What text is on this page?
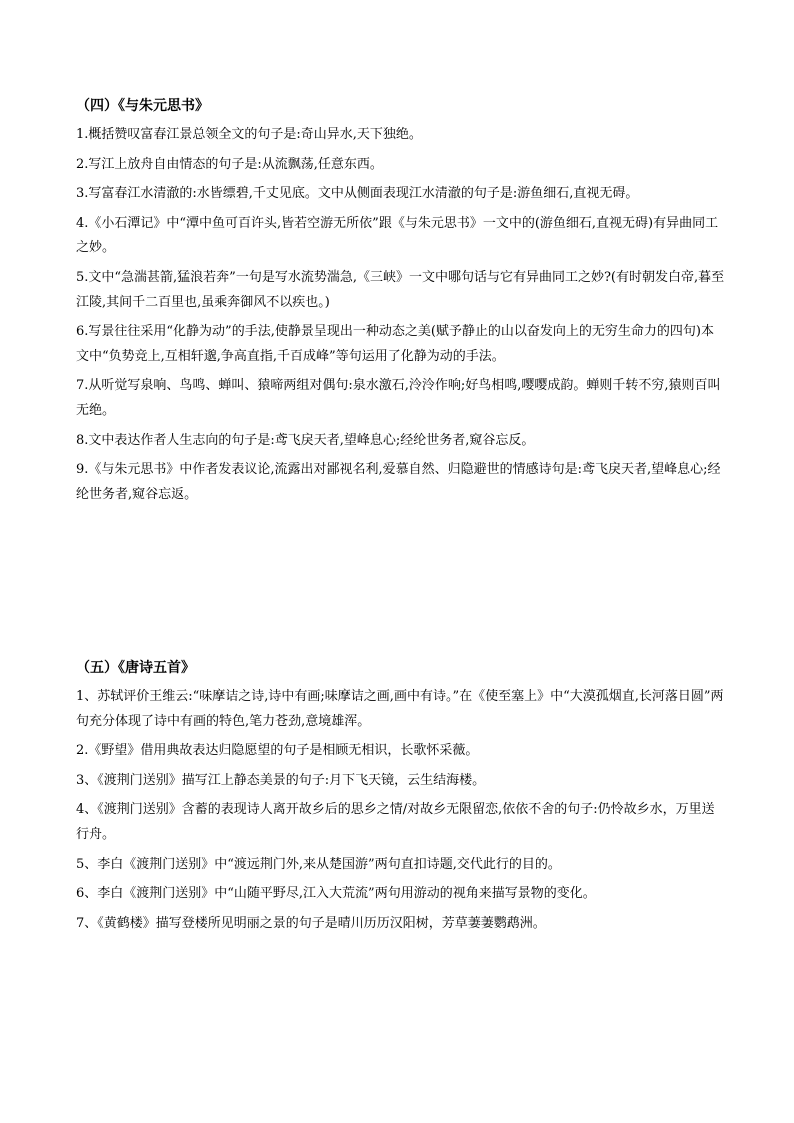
（四）《与朱元思书》
1.概括赞叹富春江景总领全文的句子是:奇山异水,天下独绝。
2.写江上放舟自由情态的句子是:从流飘荡,任意东西。
3.写富春江水清澈的:水皆缥碧,千丈见底。文中从侧面表现江水清澈的句子是:游鱼细石,直视无碍。
4.《小石潭记》中“潭中鱼可百许头,皆若空游无所依”跟《与朱元思书》一文中的(游鱼细石,直视无碍)有异曲同工之妙。
5.文中“急湍甚箭,猛浪若奔”一句是写水流势湍急,《三峡》一文中哪句话与它有异曲同工之妙?(有时朝发白帝,暮至江陵,其间千二百里也,虽乘奔御风不以疾也。)
6.写景往往采用“化静为动”的手法,使静景呈现出一种动态之美(赋予静止的山以奋发向上的无穷生命力的四句)本文中“负势竞上,互相轩邈,争高直指,千百成峰”等句运用了化静为动的手法。
7.从听觉写泉响、鸟鸣、蝉叫、猿啼两组对偶句:泉水激石,泠泠作响;好鸟相鸣,嘤嘤成韵。蝉则千转不穷,猿则百叫无绝。
8.文中表达作者人生志向的句子是:鸢飞戾天者,望峰息心;经纶世务者,窥谷忘反。
9.《与朱元思书》中作者发表议论,流露出对鄙视名利,爱慕自然、归隐避世的情感诗句是:鸢飞戾天者,望峰息心;经纶世务者,窥谷忘返。
（五）《唐诗五首》
1、苏轼评价王维云:“味摩诘之诗,诗中有画;味摩诘之画,画中有诗。”在《使至塞上》中“大漠孤烟直,长河落日圆”两句充分体现了诗中有画的特色,笔力苍劲,意境雄浑。
2.《野望》借用典故表达归隐愿望的句子是相顾无相识，长歌怀采薇。
3、《渡荆门送别》描写江上静态美景的句子:月下飞天镜，云生结海楼。
4、《渡荆门送别》含蓄的表现诗人离开故乡后的思乡之情/对故乡无限留恋,依依不舍的句子:仍怜故乡水，万里送行舟。
5、李白《渡荆门送别》中“渡远荆门外,来从楚国游”两句直扣诗题,交代此行的目的。
6、李白《渡荆门送别》中“山随平野尽,江入大荒流”两句用游动的视角来描写景物的变化。
7、《黄鹤楼》描写登楼所见明丽之景的句子是晴川历历汉阳树，芳草萋萋鹦鹉洲。
